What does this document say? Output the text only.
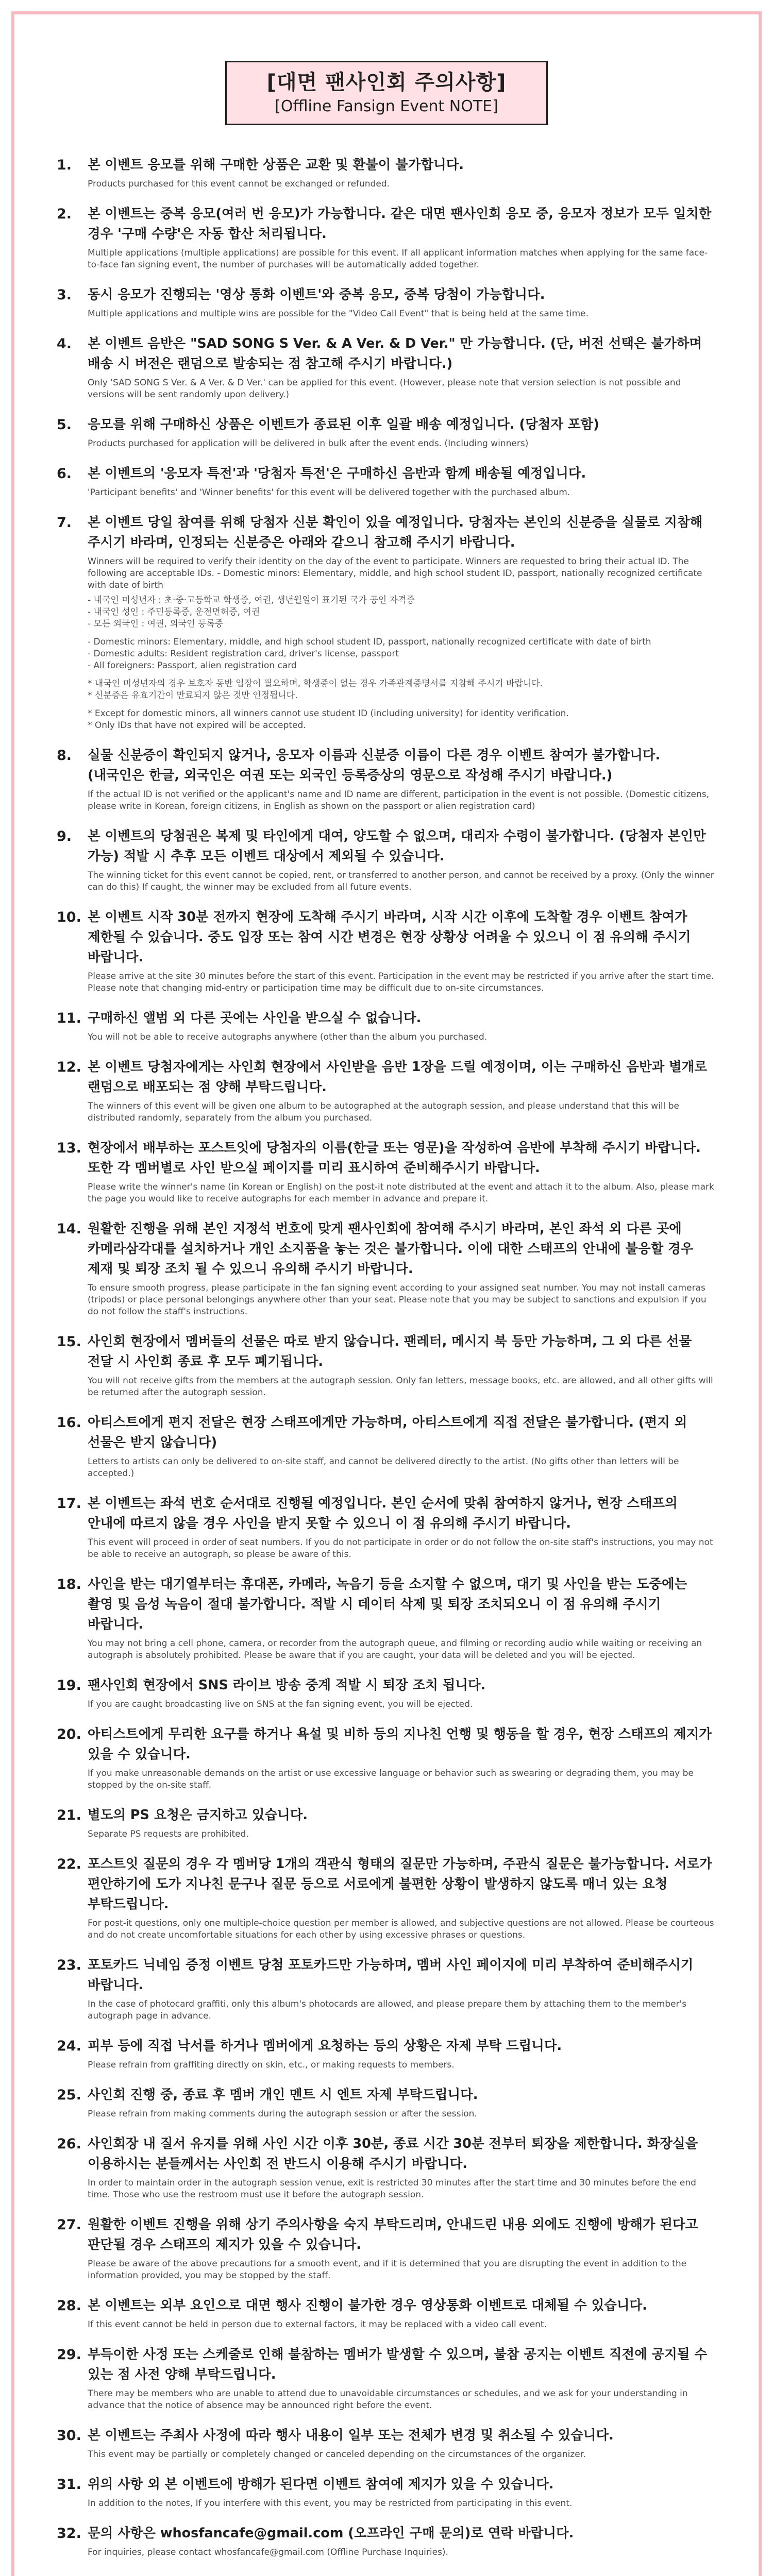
[대면 팬사인회 주의사항]
[Offline Fansign Event NOTE]
1. 본 이벤트 응모를 위해 구매한 상품은 교환 및 환불이 불가합니다.
Products purchased for this event cannot be exchanged or refunded.
2. 본 이벤트는 중복 응모(여러 번 응모)가 가능합니다. 같은 대면 팬사인회 응모 중, 응모자 정보가 모두 일치한 경우 '구매 수량'은 자동 합산 처리됩니다.
Multiple applications (multiple applications) are possible for this event. If all applicant information matches when applying for the same face-to-face fan signing event, the number of purchases will be automatically added together.
3. 동시 응모가 진행되는 '영상 통화 이벤트'와 중복 응모, 중복 당첨이 가능합니다.
Multiple applications and multiple wins are possible for the "Video Call Event" that is being held at the same time.
4. 본 이벤트 음반은 "SAD SONG S Ver. & A Ver. & D Ver." 만 가능합니다. (단, 버전 선택은 불가하며 배송 시 버전은 랜덤으로 발송되는 점 참고해 주시기 바랍니다.)
Only 'SAD SONG S Ver. & A Ver. & D Ver.' can be applied for this event. (However, please note that version selection is not possible and versions will be sent randomly upon delivery.)
5. 응모를 위해 구매하신 상품은 이벤트가 종료된 이후 일괄 배송 예정입니다. (당첨자 포함)
Products purchased for application will be delivered in bulk after the event ends. (Including winners)
6. 본 이벤트의 '응모자 특전'과 '당첨자 특전'은 구매하신 음반과 함께 배송될 예정입니다.
'Participant benefits' and 'Winner benefits' for this event will be delivered together with the purchased album.
7. 본 이벤트 당일 참여를 위해 당첨자 신분 확인이 있을 예정입니다. 당첨자는 본인의 신분증을 실물로 지참해 주시기 바라며, 인정되는 신분증은 아래와 같으니 참고해 주시기 바랍니다.
Winners will be required to verify their identity on the day of the event to participate. Winners are requested to bring their actual ID. The following are acceptable IDs. - Domestic minors: Elementary, middle, and high school student ID, passport, nationally recognized certificate with date of birth
- 내국인 미성년자 : 초·중·고등학교 학생증, 여권, 생년월일이 표기된 국가 공인 자격증
- 내국인 성인 : 주민등록증, 운전면허증, 여권
- 모든 외국인 : 여권, 외국인 등록증
- Domestic minors: Elementary, middle, and high school student ID, passport, nationally recognized certificate with date of birth
- Domestic adults: Resident registration card, driver's license, passport
- All foreigners: Passport, alien registration card
* 내국인 미성년자의 경우 보호자 동반 입장이 필요하며, 학생증이 없는 경우 가족관계증명서를 지참해 주시기 바랍니다.
* 신분증은 유효기간이 만료되지 않은 것만 인정됩니다.
* Except for domestic minors, all winners cannot use student ID (including university) for identity verification.
* Only IDs that have not expired will be accepted.
8. 실물 신분증이 확인되지 않거나, 응모자 이름과 신분증 이름이 다른 경우 이벤트 참여가 불가합니다. (내국인은 한글, 외국인은 여권 또는 외국인 등록증상의 영문으로 작성해 주시기 바랍니다.)
If the actual ID is not verified or the applicant's name and ID name are different, participation in the event is not possible. (Domestic citizens, please write in Korean, foreign citizens, in English as shown on the passport or alien registration card)
9. 본 이벤트의 당첨권은 복제 및 타인에게 대여, 양도할 수 없으며, 대리자 수령이 불가합니다. (당첨자 본인만 가능) 적발 시 추후 모든 이벤트 대상에서 제외될 수 있습니다.
The winning ticket for this event cannot be copied, rent, or transferred to another person, and cannot be received by a proxy. (Only the winner can do this) If caught, the winner may be excluded from all future events.
10. 본 이벤트 시작 30분 전까지 현장에 도착해 주시기 바라며, 시작 시간 이후에 도착할 경우 이벤트 참여가 제한될 수 있습니다. 중도 입장 또는 참여 시간 변경은 현장 상황상 어려울 수 있으니 이 점 유의해 주시기 바랍니다.
Please arrive at the site 30 minutes before the start of this event. Participation in the event may be restricted if you arrive after the start time. Please note that changing mid-entry or participation time may be difficult due to on-site circumstances.
11. 구매하신 앨범 외 다른 곳에는 사인을 받으실 수 없습니다.
You will not be able to receive autographs anywhere (other than the album you purchased.
12. 본 이벤트 당첨자에게는 사인회 현장에서 사인받을 음반 1장을 드릴 예정이며, 이는 구매하신 음반과 별개로 랜덤으로 배포되는 점 양해 부탁드립니다.
The winners of this event will be given one album to be autographed at the autograph session, and please understand that this will be distributed randomly, separately from the album you purchased.
13. 현장에서 배부하는 포스트잇에 당첨자의 이름(한글 또는 영문)을 작성하여 음반에 부착해 주시기 바랍니다. 또한 각 멤버별로 사인 받으실 페이지를 미리 표시하여 준비해주시기 바랍니다.
Please write the winner's name (in Korean or English) on the post-it note distributed at the event and attach it to the album. Also, please mark the page you would like to receive autographs for each member in advance and prepare it.
14. 원활한 진행을 위해 본인 지정석 번호에 맞게 팬사인회에 참여해 주시기 바라며, 본인 좌석 외 다른 곳에 카메라삼각대를 설치하거나 개인 소지품을 놓는 것은 불가합니다. 이에 대한 스태프의 안내에 불응할 경우 제재 및 퇴장 조치 될 수 있으니 유의해 주시기 바랍니다.
To ensure smooth progress, please participate in the fan signing event according to your assigned seat number. You may not install cameras (tripods) or place personal belongings anywhere other than your seat. Please note that you may be subject to sanctions and expulsion if you do not follow the staff's instructions.
15. 사인회 현장에서 멤버들의 선물은 따로 받지 않습니다. 팬레터, 메시지 북 등만 가능하며, 그 외 다른 선물 전달 시 사인회 종료 후 모두 폐기됩니다.
You will not receive gifts from the members at the autograph session. Only fan letters, message books, etc. are allowed, and all other gifts will be returned after the autograph session.
16. 아티스트에게 편지 전달은 현장 스태프에게만 가능하며, 아티스트에게 직접 전달은 불가합니다. (편지 외 선물은 받지 않습니다)
Letters to artists can only be delivered to on-site staff, and cannot be delivered directly to the artist. (No gifts other than letters will be accepted.)
17. 본 이벤트는 좌석 번호 순서대로 진행될 예정입니다. 본인 순서에 맞춰 참여하지 않거나, 현장 스태프의 안내에 따르지 않을 경우 사인을 받지 못할 수 있으니 이 점 유의해 주시기 바랍니다.
This event will proceed in order of seat numbers. If you do not participate in order or do not follow the on-site staff's instructions, you may not be able to receive an autograph, so please be aware of this.
18. 사인을 받는 대기열부터는 휴대폰, 카메라, 녹음기 등을 소지할 수 없으며, 대기 및 사인을 받는 도중에는 촬영 및 음성 녹음이 절대 불가합니다. 적발 시 데이터 삭제 및 퇴장 조치되오니 이 점 유의해 주시기 바랍니다.
You may not bring a cell phone, camera, or recorder from the autograph queue, and filming or recording audio while waiting or receiving an autograph is absolutely prohibited. Please be aware that if you are caught, your data will be deleted and you will be ejected.
19. 팬사인회 현장에서 SNS 라이브 방송 중계 적발 시 퇴장 조치 됩니다.
If you are caught broadcasting live on SNS at the fan signing event, you will be ejected.
20. 아티스트에게 무리한 요구를 하거나 욕설 및 비하 등의 지나친 언행 및 행동을 할 경우, 현장 스태프의 제지가 있을 수 있습니다.
If you make unreasonable demands on the artist or use excessive language or behavior such as swearing or degrading them, you may be stopped by the on-site staff.
21. 별도의 PS 요청은 금지하고 있습니다.
Separate PS requests are prohibited.
22. 포스트잇 질문의 경우 각 멤버당 1개의 객관식 형태의 질문만 가능하며, 주관식 질문은 불가능합니다. 서로가 편안하기에 도가 지나친 문구나 질문 등으로 서로에게 불편한 상황이 발생하지 않도록 매너 있는 요청 부탁드립니다.
For post-it questions, only one multiple-choice question per member is allowed, and subjective questions are not allowed. Please be courteous and do not create uncomfortable situations for each other by using excessive phrases or questions.
23. 포토카드 닉네임 증정 이벤트 당첨 포토카드만 가능하며, 멤버 사인 페이지에 미리 부착하여 준비해주시기 바랍니다.
In the case of photocard graffiti, only this album's photocards are allowed, and please prepare them by attaching them to the member's autograph page in advance.
24. 피부 등에 직접 낙서를 하거나 멤버에게 요청하는 등의 상황은 자제 부탁 드립니다.
Please refrain from graffiting directly on skin, etc., or making requests to members.
25. 사인회 진행 중, 종료 후 멤버 개인 멘트 시 엔트 자제 부탁드립니다.
Please refrain from making comments during the autograph session or after the session.
26. 사인회장 내 질서 유지를 위해 사인 시간 이후 30분, 종료 시간 30분 전부터 퇴장을 제한합니다. 화장실을 이용하시는 분들께서는 사인회 전 반드시 이용해 주시기 바랍니다.
In order to maintain order in the autograph session venue, exit is restricted 30 minutes after the start time and 30 minutes before the end time. Those who use the restroom must use it before the autograph session.
27. 원활한 이벤트 진행을 위해 상기 주의사항을 숙지 부탁드리며, 안내드린 내용 외에도 진행에 방해가 된다고 판단될 경우 스태프의 제지가 있을 수 있습니다.
Please be aware of the above precautions for a smooth event, and if it is determined that you are disrupting the event in addition to the information provided, you may be stopped by the staff.
28. 본 이벤트는 외부 요인으로 대면 행사 진행이 불가한 경우 영상통화 이벤트로 대체될 수 있습니다.
If this event cannot be held in person due to external factors, it may be replaced with a video call event.
29. 부득이한 사정 또는 스케줄로 인해 불참하는 멤버가 발생할 수 있으며, 불참 공지는 이벤트 직전에 공지될 수 있는 점 사전 양해 부탁드립니다.
There may be members who are unable to attend due to unavoidable circumstances or schedules, and we ask for your understanding in advance that the notice of absence may be announced right before the event.
30. 본 이벤트는 주최사 사정에 따라 행사 내용이 일부 또는 전체가 변경 및 취소될 수 있습니다.
This event may be partially or completely changed or canceled depending on the circumstances of the organizer.
31. 위의 사항 외 본 이벤트에 방해가 된다면 이벤트 참여에 제지가 있을 수 있습니다.
In addition to the notes, If you interfere with this event, you may be restricted from participating in this event.
32. 문의 사항은 whosfancafe@gmail.com (오프라인 구매 문의)로 연락 바랍니다.
For inquiries, please contact whosfancafe@gmail.com (Offline Purchase Inquiries).
